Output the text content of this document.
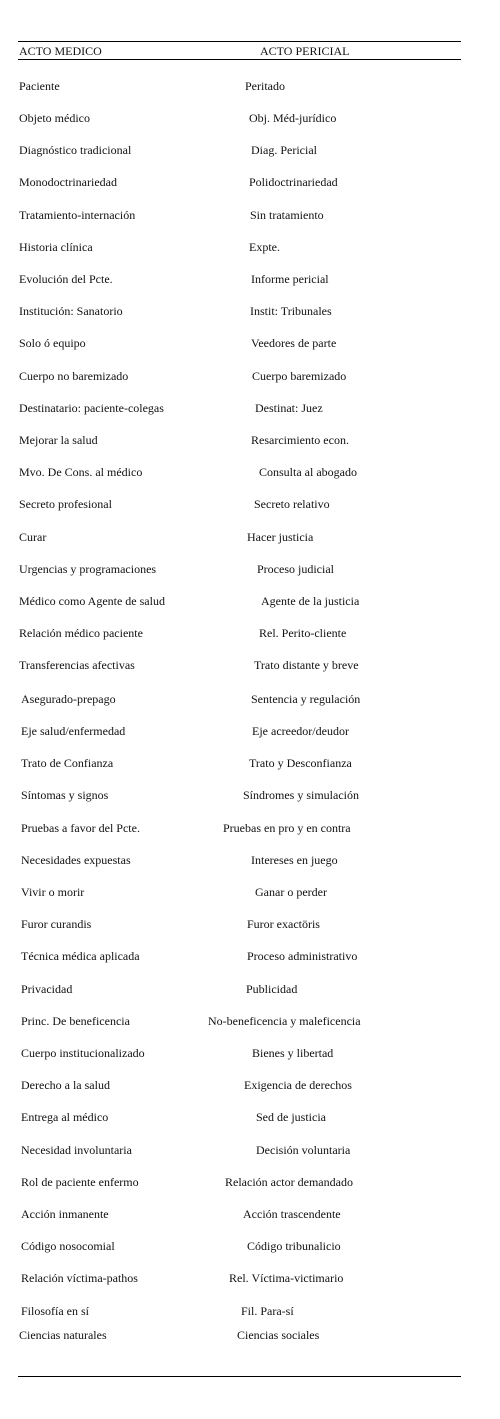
ACTO MEDICO	ACTO PERICIAL
Paciente	Peritado
Objeto médico	Obj. Méd-jurídico
Diagnóstico tradicional	Diag. Pericial
Monodoctrinariedad	Polidoctrinariedad
Tratamiento-internación	Sin tratamiento
Historia clínica	Expte.
Evolución del Pcte.	Informe pericial
Institución: Sanatorio	Instit: Tribunales
Solo ó equipo	Veedores de parte
Cuerpo no baremizado	Cuerpo baremizado
Destinatario: paciente-colegas	Destinat: Juez
Mejorar la salud	Resarcimiento econ.
Mvo. De Cons. al médico	Consulta al abogado
Secreto profesional	Secreto relativo
Curar	Hacer justicia
Urgencias y programaciones	Proceso judicial
Médico como Agente de salud	Agente de la justicia
Relación médico paciente	Rel. Perito-cliente
Transferencias afectivas	Trato distante y breve
Asegurado-prepago	Sentencia y regulación
Eje salud/enfermedad	Eje acreedor/deudor
Trato de Confianza	Trato y Desconfianza
Síntomas y signos	Síndromes y simulación
Pruebas a favor del Pcte.	Pruebas en pro y en contra
Necesidades expuestas	Intereses en juego
Vivir o morir	Ganar o perder
Furor curandis	Furor exactöris
Técnica médica aplicada	Proceso administrativo
Privacidad	Publicidad
Princ. De beneficencia	No-beneficencia y maleficencia
Cuerpo institucionalizado	Bienes y libertad
Derecho a la salud	Exigencia de derechos
Entrega al médico	Sed de justicia
Necesidad involuntaria	Decisión voluntaria
Rol de paciente enfermo	Relación actor demandado
Acción inmanente	Acción trascendente
Código nosocomial	Código tribunalicio
Relación víctima-pathos	Rel. Víctima-victimario
Filosofía en sí	Fil. Para-sí
Ciencias naturales	Ciencias sociales
